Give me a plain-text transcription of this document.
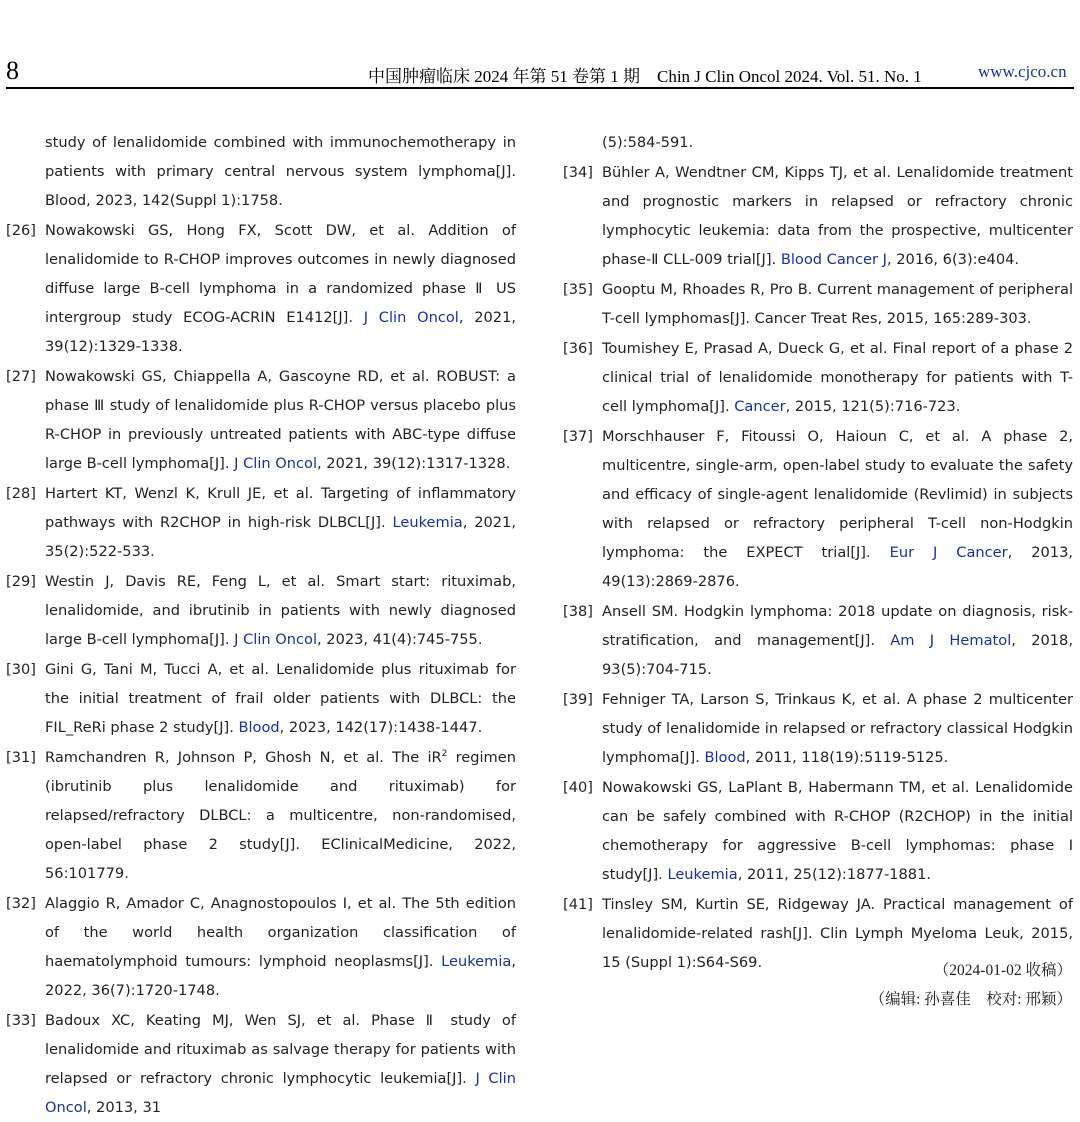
8	中国肿瘤临床 2024 年第 51 卷第 1 期　Chin J Clin Oncol 2024. Vol. 51. No. 1	www.cjco.cn
study of lenalidomide combined with immunochemotherapy in patients with primary central nervous system lymphoma[J]. Blood, 2023, 142(Suppl 1):1758.
[26] Nowakowski GS, Hong FX, Scott DW, et al. Addition of lenalidomide to R-CHOP improves outcomes in newly diagnosed diffuse large B-cell lymphoma in a randomized phase Ⅱ US intergroup study ECOG-ACRIN E1412[J]. J Clin Oncol, 2021, 39(12):1329-1338.
[27] Nowakowski GS, Chiappella A, Gascoyne RD, et al. ROBUST: a phase Ⅲ study of lenalidomide plus R-CHOP versus placebo plus R-CHOP in previously untreated patients with ABC-type diffuse large B-cell lymphoma[J]. J Clin Oncol, 2021, 39(12):1317-1328.
[28] Hartert KT, Wenzl K, Krull JE, et al. Targeting of inflammatory pathways with R2CHOP in high-risk DLBCL[J]. Leukemia, 2021, 35(2):522-533.
[29] Westin J, Davis RE, Feng L, et al. Smart start: rituximab, lenalidomide, and ibrutinib in patients with newly diagnosed large B-cell lymphoma[J]. J Clin Oncol, 2023, 41(4):745-755.
[30] Gini G, Tani M, Tucci A, et al. Lenalidomide plus rituximab for the initial treatment of frail older patients with DLBCL: the FIL_ReRi phase 2 study[J]. Blood, 2023, 142(17):1438-1447.
[31] Ramchandren R, Johnson P, Ghosh N, et al. The $iR^2$ regimen (ibrutinib plus lenalidomide and rituximab) for relapsed/refractory DLBCL: a multicentre, non-randomised, open-label phase 2 study[J]. EClinicalMedicine, 2022, 56:101779.
[32] Alaggio R, Amador C, Anagnostopoulos I, et al. The 5th edition of the world health organization classification of haematolymphoid tumours: lymphoid neoplasms[J]. Leukemia, 2022, 36(7):1720-1748.
[33] Badoux XC, Keating MJ, Wen SJ, et al. Phase Ⅱ study of lenalidomide and rituximab as salvage therapy for patients with relapsed or refractory chronic lymphocytic leukemia[J]. J Clin Oncol, 2013, 31
(5):584-591.
[34] Bühler A, Wendtner CM, Kipps TJ, et al. Lenalidomide treatment and prognostic markers in relapsed or refractory chronic lymphocytic leukemia: data from the prospective, multicenter phase-Ⅱ CLL-009 trial[J]. Blood Cancer J, 2016, 6(3):e404.
[35] Gooptu M, Rhoades R, Pro B. Current management of peripheral T-cell lymphomas[J]. Cancer Treat Res, 2015, 165:289-303.
[36] Toumishey E, Prasad A, Dueck G, et al. Final report of a phase 2 clinical trial of lenalidomide monotherapy for patients with T-cell lymphoma[J]. Cancer, 2015, 121(5):716-723.
[37] Morschhauser F, Fitoussi O, Haioun C, et al. A phase 2, multicentre, single-arm, open-label study to evaluate the safety and efficacy of single-agent lenalidomide (Revlimid) in subjects with relapsed or refractory peripheral T-cell non-Hodgkin lymphoma: the EXPECT trial[J]. Eur J Cancer, 2013, 49(13):2869-2876.
[38] Ansell SM. Hodgkin lymphoma: 2018 update on diagnosis, risk-stratification, and management[J]. Am J Hematol, 2018, 93(5):704-715.
[39] Fehniger TA, Larson S, Trinkaus K, et al. A phase 2 multicenter study of lenalidomide in relapsed or refractory classical Hodgkin lymphoma[J]. Blood, 2011, 118(19):5119-5125.
[40] Nowakowski GS, LaPlant B, Habermann TM, et al. Lenalidomide can be safely combined with R-CHOP (R2CHOP) in the initial chemotherapy for aggressive B-cell lymphomas: phase Ⅰ study[J]. Leukemia, 2011, 25(12):1877-1881.
[41] Tinsley SM, Kurtin SE, Ridgeway JA. Practical management of lenalidomide-related rash[J]. Clin Lymph Myeloma Leuk, 2015, 15 (Suppl 1):S64-S69.	（2024-01-02 收稿）
（编辑: 孙喜佳　校对: 邢颖）
